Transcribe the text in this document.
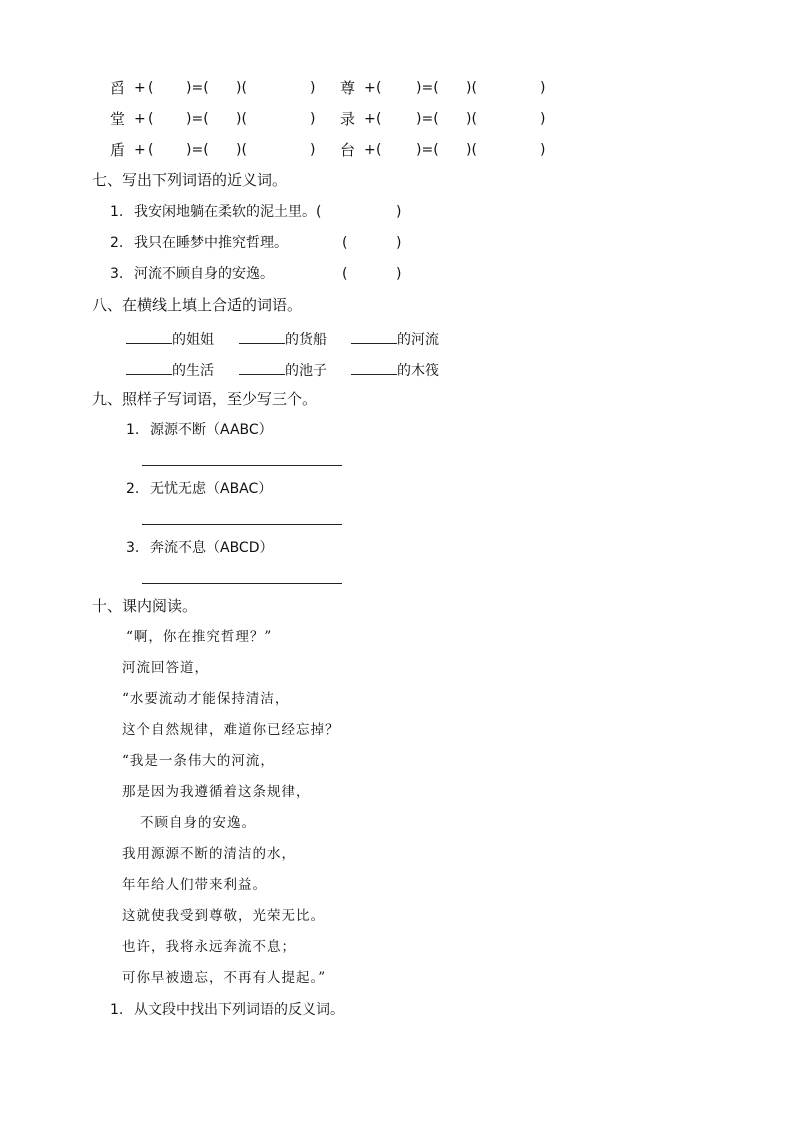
舀 + ( )=( )(	) 尊 + ( )=( )(	)
堂 + ( )=( )(	) 录 + ( )=( )(	)
盾 + ( )=( )(	) 台 + ( )=( )(	)
七、写出下列词语的近义词。
1. 我安闲地躺在柔软的泥土里。(	)
2. 我只在睡梦中推究哲理。	(	)
3. 河流不顾自身的安逸。	(	)
八、在横线上填上合适的词语。
的姐姐	的货船	的河流
的生活	的池子	的木筏
九、照样子写词语，至少写三个。
1. 源源不断（AABC）
2. 无忧无虑（ABAC）
3. 奔流不息（ABCD）
十、课内阅读。
“啊，你在推究哲理？”
河流回答道，
“水要流动才能保持清洁，
这个自然规律，难道你已经忘掉？
“我是一条伟大的河流，
那是因为我遵循着这条规律，
不顾自身的安逸。
我用源源不断的清洁的水，
年年给人们带来利益。
这就使我受到尊敬，光荣无比。
也许，我将永远奔流不息；
可你早被遗忘，不再有人提起。”
1. 从文段中找出下列词语的反义词。
